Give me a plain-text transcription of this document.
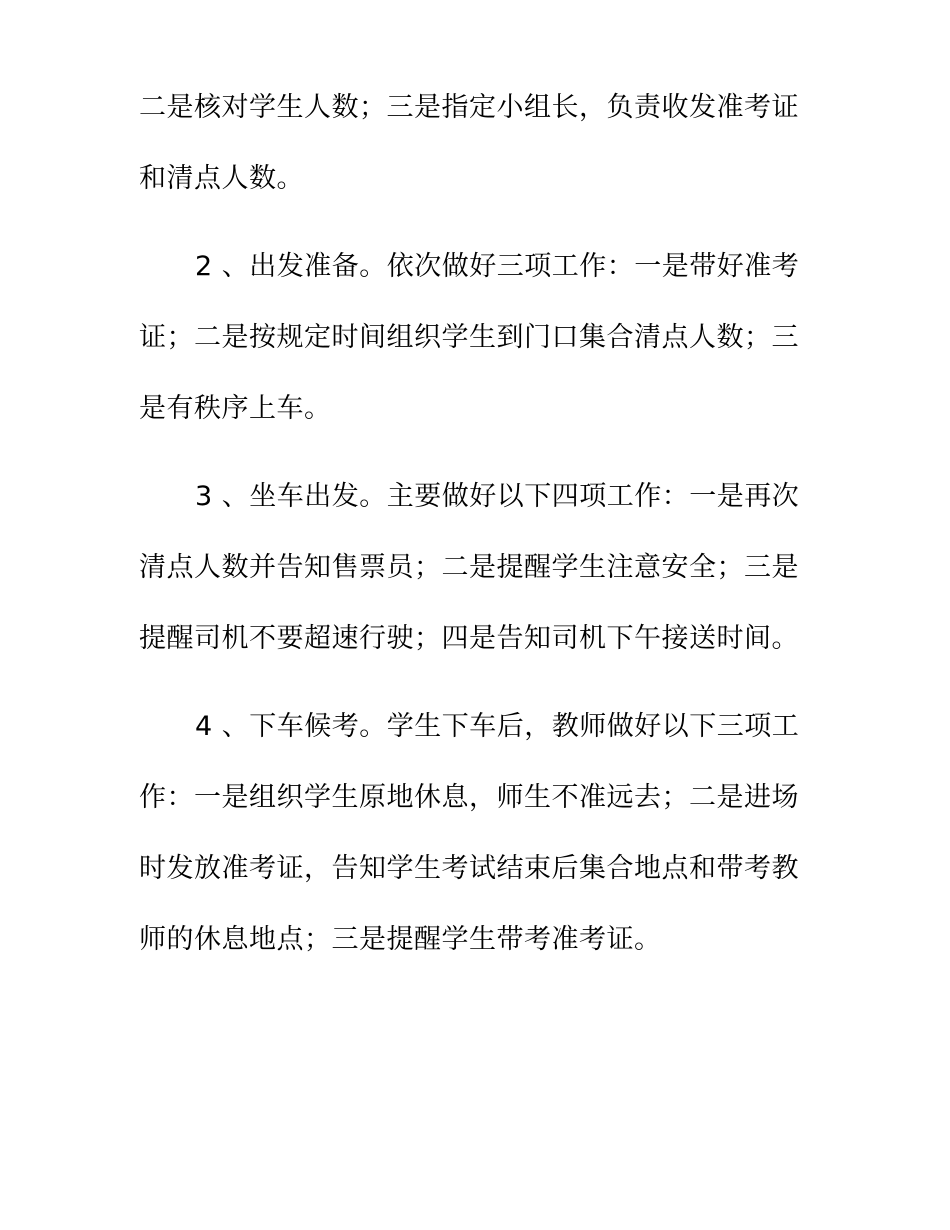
二是核对学生人数；三是指定小组长，负责收发准考证和清点人数。

2 、出发准备。依次做好三项工作：一是带好准考证；二是按规定时间组织学生到门口集合清点人数；三是有秩序上车。

3 、坐车出发。主要做好以下四项工作：一是再次清点人数并告知售票员；二是提醒学生注意安全；三是提醒司机不要超速行驶；四是告知司机下午接送时间。

4 、下车候考。学生下车后，教师做好以下三项工作：一是组织学生原地休息，师生不准远去；二是进场时发放准考证，告知学生考试结束后集合地点和带考教师的休息地点；三是提醒学生带考准考证。
